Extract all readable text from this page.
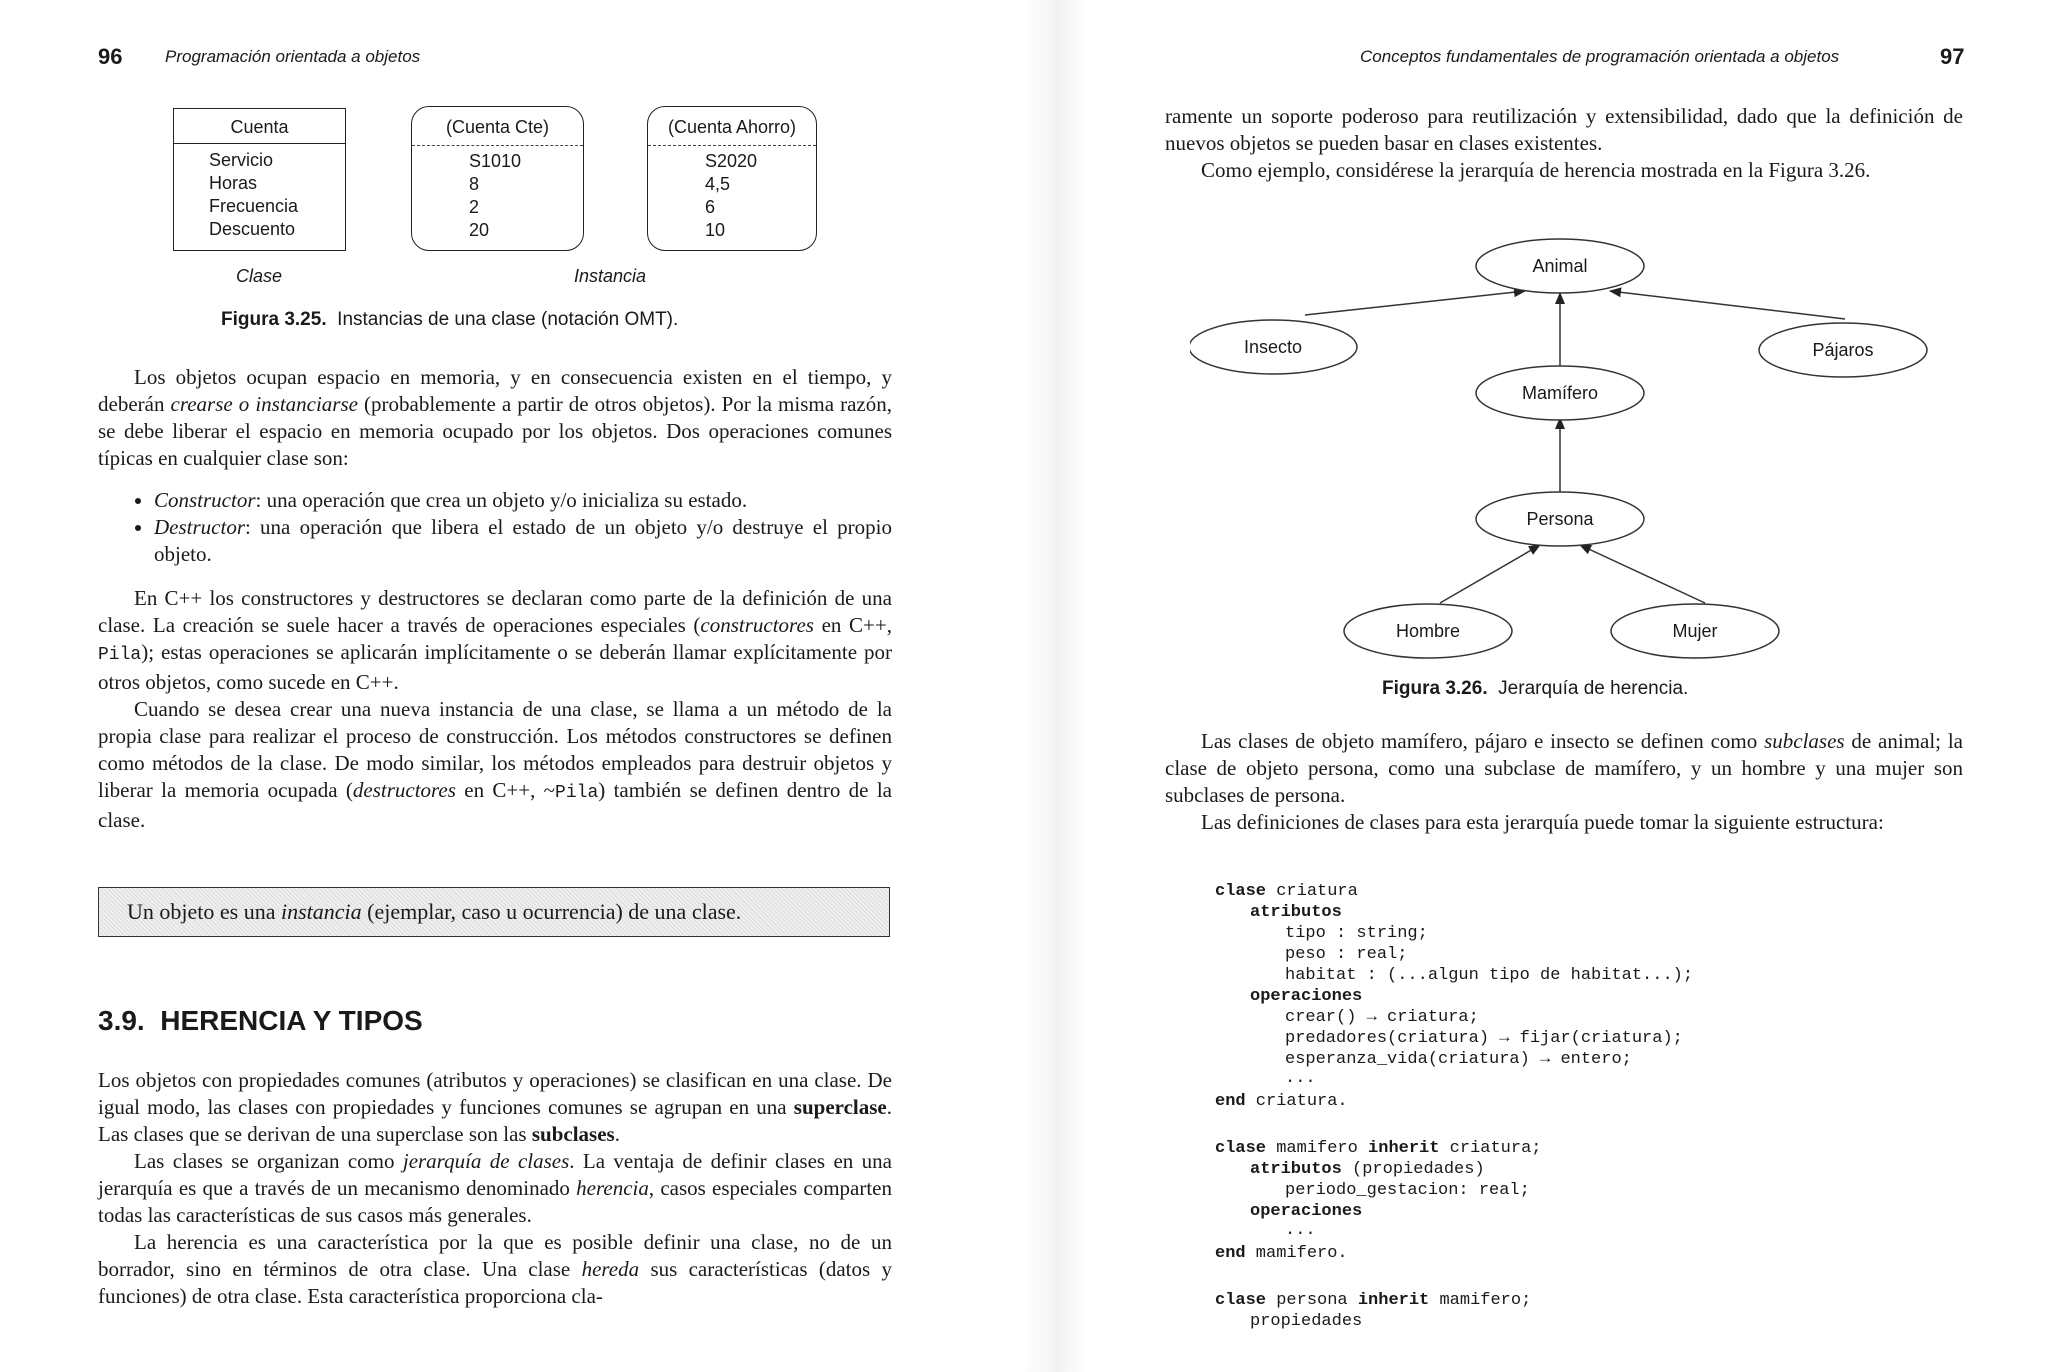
96	Programación orientada a objetos
Cuenta
Servicio
Horas
Frecuencia
Descuento
(Cuenta Cte)
S1010
8
2
20
(Cuenta Ahorro)
S2020
4,5
6
10
Clase	Instancia
Figura 3.25. Instancias de una clase (notación OMT).

Los objetos ocupan espacio en memoria, y en consecuencia existen en el tiempo, y deberán crearse o instanciarse (probablemente a partir de otros objetos). Por la misma razón, se debe liberar el espacio en memoria ocupado por los objetos. Dos operaciones comunes típicas en cualquier clase son:

• Constructor: una operación que crea un objeto y/o inicializa su estado.
• Destructor: una operación que libera el estado de un objeto y/o destruye el propio objeto.

En C++ los constructores y destructores se declaran como parte de la definición de una clase. La creación se suele hacer a través de operaciones especiales (constructores en C++, Pila); estas operaciones se aplicarán implícitamente o se deberán llamar explícitamente por otros objetos, como sucede en C++.

Cuando se desea crear una nueva instancia de una clase, se llama a un método de la propia clase para realizar el proceso de construcción. Los métodos constructores se definen como métodos de la clase. De modo similar, los métodos empleados para destruir objetos y liberar la memoria ocupada (destructores en C++, ~Pila) también se definen dentro de la clase.

Un objeto es una instancia (ejemplar, caso u ocurrencia) de una clase.
3.9.  HERENCIA Y TIPOS

Los objetos con propiedades comunes (atributos y operaciones) se clasifican en una clase. De igual modo, las clases con propiedades y funciones comunes se agrupan en una superclase. Las clases que se derivan de una superclase son las subclases.

Las clases se organizan como jerarquía de clases. La ventaja de definir clases en una jerarquía es que a través de un mecanismo denominado herencia, casos especiales comparten todas las características de sus casos más generales.

La herencia es una característica por la que es posible definir una clase, no de un borrador, sino en términos de otra clase. Una clase hereda sus características (datos y funciones) de otra clase. Esta característica proporciona cla-

Conceptos fundamentales de programación orientada a objetos	97

ramente un soporte poderoso para reutilización y extensibilidad, dado que la definición de nuevos objetos se pueden basar en clases existentes.

Como ejemplo, considérese la jerarquía de herencia mostrada en la Figura 3.26.

Animal
Insecto	Pájaros
Mamífero
Persona
Hombre	Mujer
Figura 3.26. Jerarquía de herencia.

Las clases de objeto mamífero, pájaro e insecto se definen como subclases de animal; la clase de objeto persona, como una subclase de mamífero, y un hombre y una mujer son subclases de persona.

Las definiciones de clases para esta jerarquía puede tomar la siguiente estructura:

clase criatura
atributos
tipo : string;
peso : real;
habitat : (...algun tipo de habitat...);
operaciones
crear() → criatura;
predadores(criatura) → fijar(criatura);
esperanza_vida(criatura) → entero;
...
end criatura.
clase mamifero inherit criatura;
atributos (propiedades)
periodo_gestacion: real;
operaciones
...
end mamifero.
clase persona inherit mamifero;
propiedades
